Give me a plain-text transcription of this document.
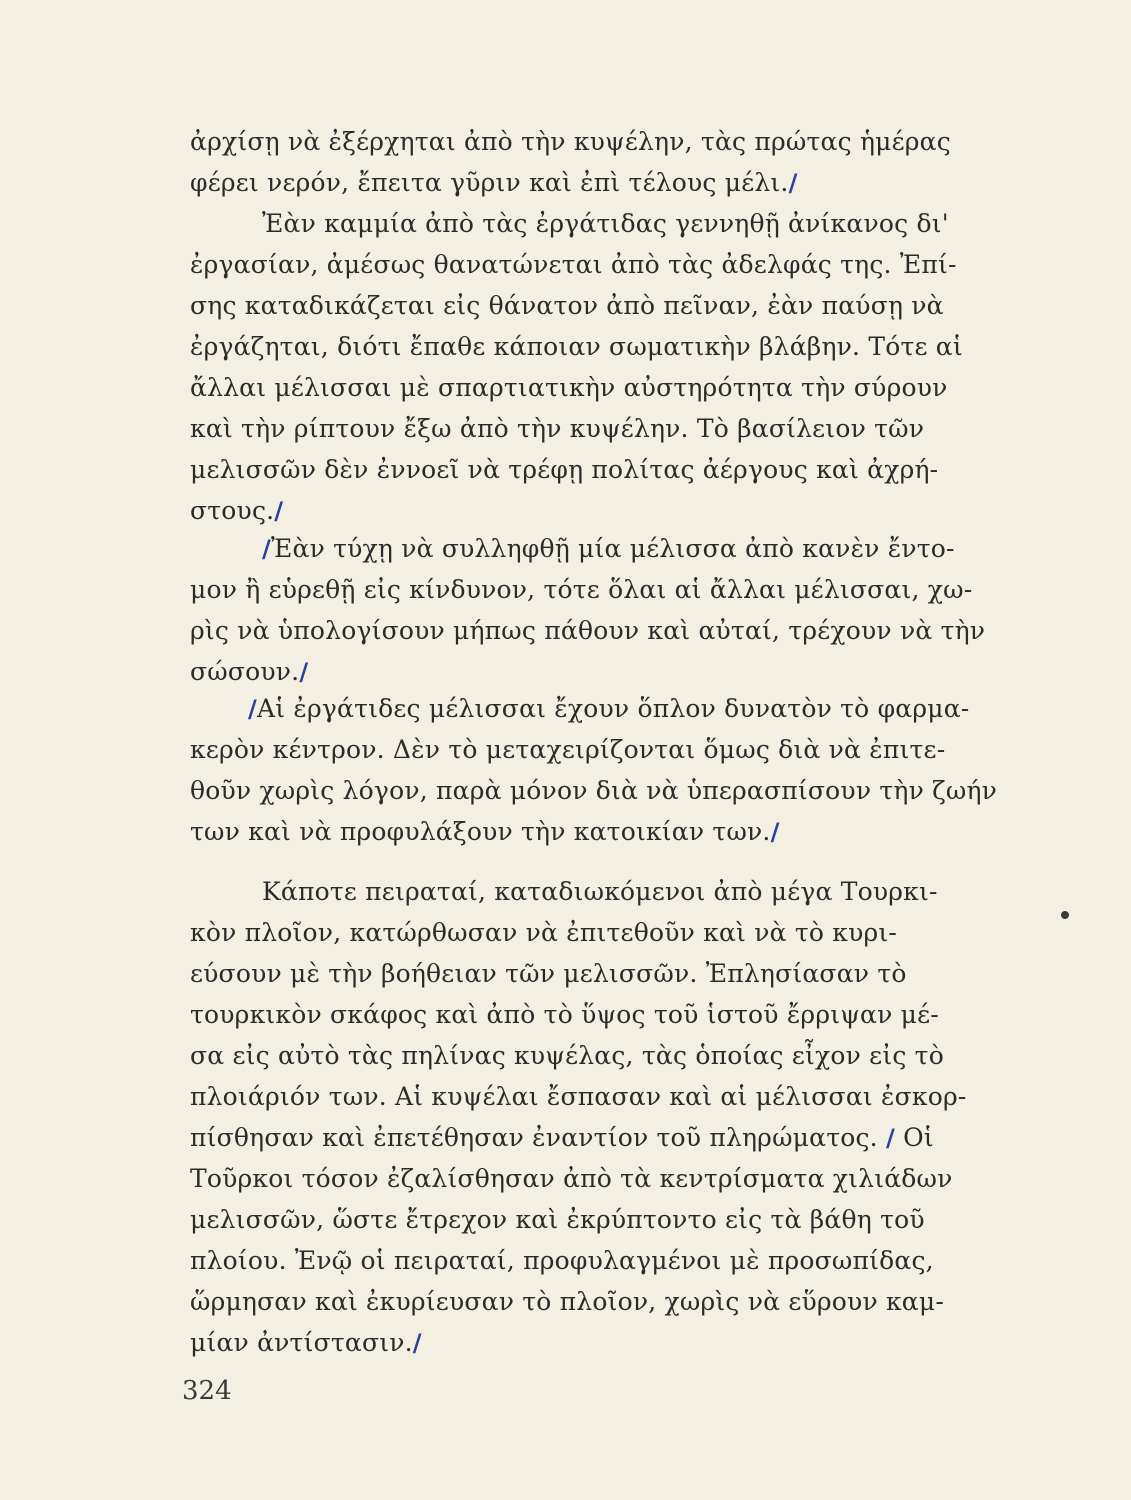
ἀρχίσῃ νὰ ἐξέρχηται ἀπὸ τὴν κυψέλην, τὰς πρώτας ἡμέρας
φέρει νερόν, ἔπειτα γῦριν καὶ ἐπὶ τέλους μέλι./
Ἐὰν καμμία ἀπὸ τὰς ἐργάτιδας γεννηθῇ ἀνίκανος δι'
ἐργασίαν, ἀμέσως θανατώνεται ἀπὸ τὰς ἀδελφάς της. Ἐπί-
σης καταδικάζεται εἰς θάνατον ἀπὸ πεῖναν, ἐὰν παύσῃ νὰ
ἐργάζηται, διότι ἔπαθε κάποιαν σωματικὴν βλάβην. Τότε αἱ
ἄλλαι μέλισσαι μὲ σπαρτιατικὴν αὐστηρότητα τὴν σύρουν
καὶ τὴν ρίπτουν ἔξω ἀπὸ τὴν κυψέλην. Τὸ βασίλειον τῶν
μελισσῶν δὲν ἐννοεῖ νὰ τρέφῃ πολίτας ἀέργους καὶ ἀχρή-
στους./
/Ἐὰν τύχῃ νὰ συλληφθῇ μία μέλισσα ἀπὸ κανὲν ἔντο-
μον ἢ εὑρεθῇ εἰς κίνδυνον, τότε ὅλαι αἱ ἄλλαι μέλισσαι, χω-
ρὶς νὰ ὑπολογίσουν μήπως πάθουν καὶ αὐταί, τρέχουν νὰ τὴν
σώσουν./
/Αἱ ἐργάτιδες μέλισσαι ἔχουν ὅπλον δυνατὸν τὸ φαρμα-
κερὸν κέντρον. Δὲν τὸ μεταχειρίζονται ὅμως διὰ νὰ ἐπιτε-
θοῦν χωρὶς λόγον, παρὰ μόνον διὰ νὰ ὑπερασπίσουν τὴν ζωήν
των καὶ νὰ προφυλάξουν τὴν κατοικίαν των./
Κάποτε πειραταί, καταδιωκόμενοι ἀπὸ μέγα Τουρκι-
κὸν πλοῖον, κατώρθωσαν νὰ ἐπιτεθοῦν καὶ νὰ τὸ κυρι-
εύσουν μὲ τὴν βοήθειαν τῶν μελισσῶν. Ἐπλησίασαν τὸ
τουρκικὸν σκάφος καὶ ἀπὸ τὸ ὕψος τοῦ ἱστοῦ ἔρριψαν μέ-
σα εἰς αὐτὸ τὰς πηλίνας κυψέλας, τὰς ὁποίας εἶχον εἰς τὸ
πλοιάριόν των. Αἱ κυψέλαι ἔσπασαν καὶ αἱ μέλισσαι ἐσκορ-
πίσθησαν καὶ ἐπετέθησαν ἐναντίον τοῦ πληρώματος. / Οἱ
Τοῦρκοι τόσον ἐζαλίσθησαν ἀπὸ τὰ κεντρίσματα χιλιάδων
μελισσῶν, ὥστε ἔτρεχον καὶ ἐκρύπτοντο εἰς τὰ βάθη τοῦ
πλοίου. Ἐνῷ οἱ πειραταί, προφυλαγμένοι μὲ προσωπίδας,
ὥρμησαν καὶ ἐκυρίευσαν τὸ πλοῖον, χωρὶς νὰ εὕρουν καμ-
μίαν ἀντίστασιν./
324
